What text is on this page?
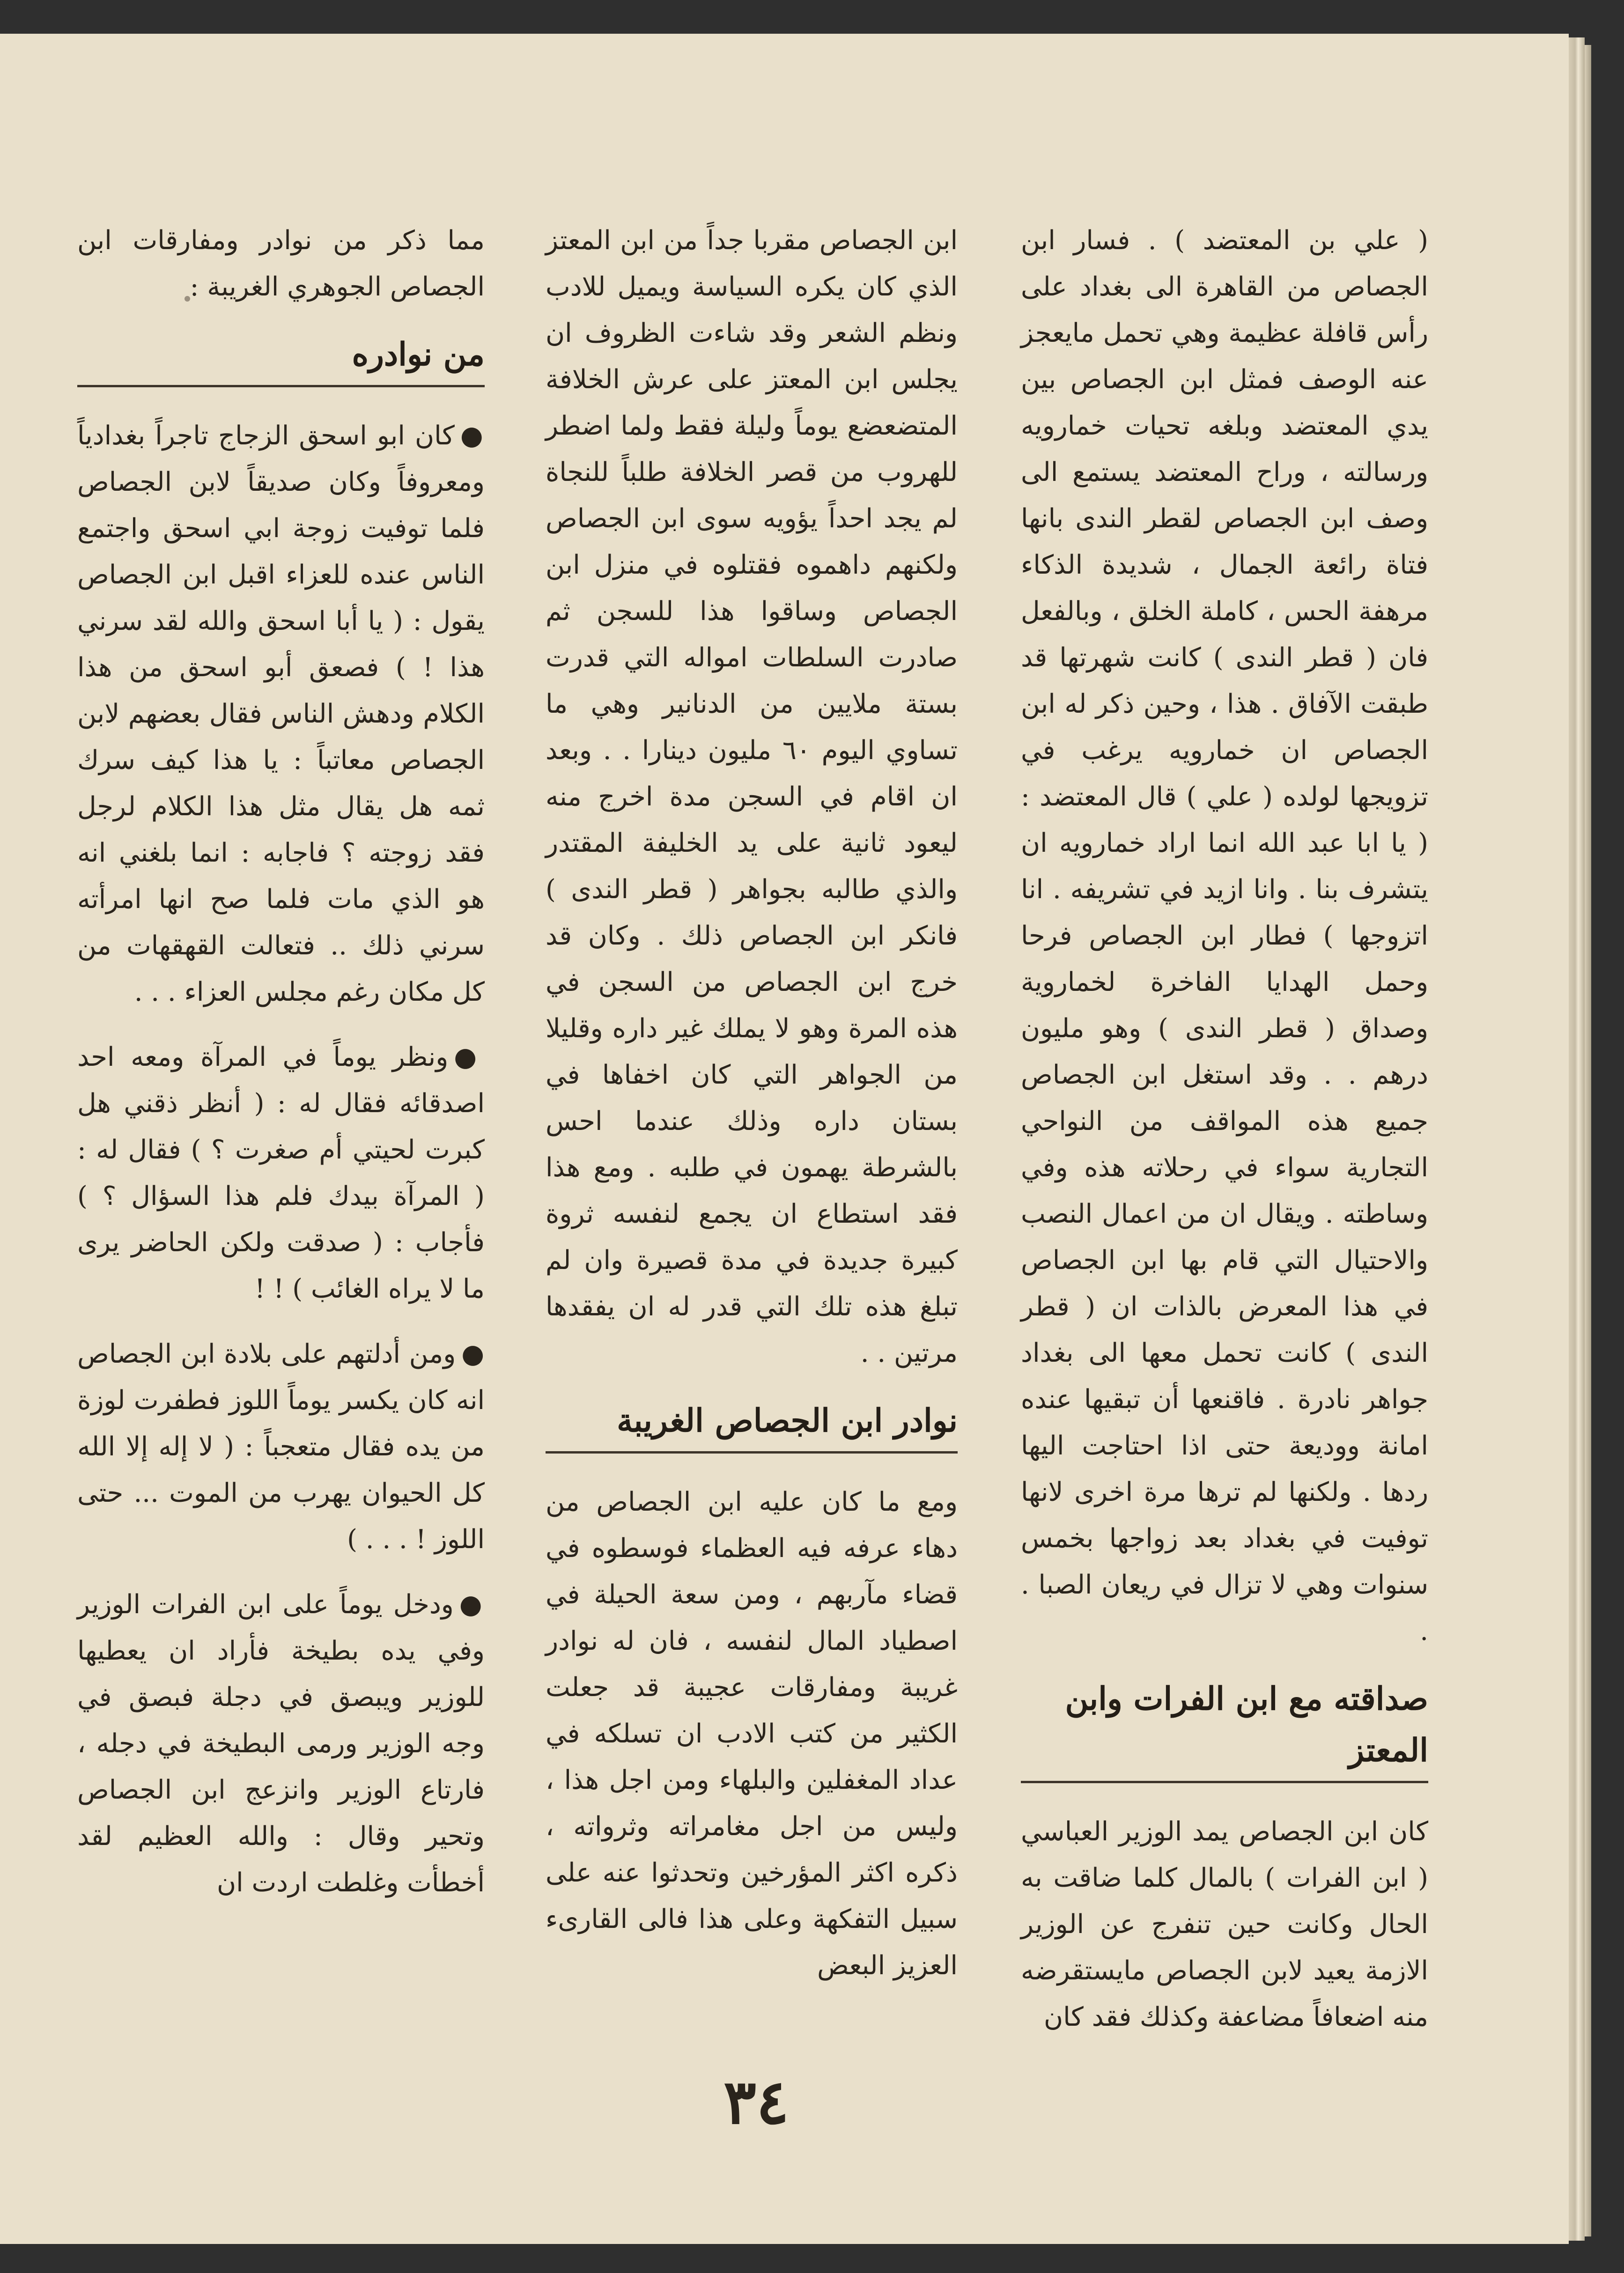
( علي بن المعتضد ) . فسار ابن الجصاص من القاهرة الى بغداد على رأس قافلة عظيمة وهي تحمل مايعجز عنه الوصف فمثل ابن الجصاص بين يدي المعتضد وبلغه تحيات خمارويه ورسالته ، وراح المعتضد يستمع الى وصف ابن الجصاص لقطر الندى بانها فتاة رائعة الجمال ، شديدة الذكاء مرهفة الحس ، كاملة الخلق ، وبالفعل فان ( قطر الندى ) كانت شهرتها قد طبقت الآفاق . هذا ، وحين ذكر له ابن الجصاص ان خمارويه يرغب في تزويجها لولده ( علي ) قال المعتضد : ( يا ابا عبد الله انما اراد خمارويه ان يتشرف بنا . وانا ازيد في تشريفه . انا اتزوجها ) فطار ابن الجصاص فرحا وحمل الهدايا الفاخرة لخماروية وصداق ( قطر الندى ) وهو مليون درهم . . وقد استغل ابن الجصاص جميع هذه المواقف من النواحي التجارية سواء في رحلاته هذه وفي وساطته . ويقال ان من اعمال النصب والاحتيال التي قام بها ابن الجصاص في هذا المعرض بالذات ان ( قطر الندى ) كانت تحمل معها الى بغداد جواهر نادرة . فاقنعها أن تبقيها عنده امانة ووديعة حتى اذا احتاجت اليها ردها . ولكنها لم ترها مرة اخرى لانها توفيت في بغداد بعد زواجها بخمس سنوات وهي لا تزال في ريعان الصبا . .

صداقته مع ابن الفرات وابن المعتز

كان ابن الجصاص يمد الوزير العباسي ( ابن الفرات ) بالمال كلما ضاقت به الحال وكانت حين تنفرج عن الوزير الازمة يعيد لابن الجصاص مايستقرضه منه اضعافاً مضاعفة وكذلك فقد كان

ابن الجصاص مقربا جداً من ابن المعتز الذي كان يكره السياسة ويميل للادب ونظم الشعر وقد شاءت الظروف ان يجلس ابن المعتز على عرش الخلافة المتضعضع يوماً وليلة فقط ولما اضطر للهروب من قصر الخلافة طلباً للنجاة لم يجد احداً يؤويه سوى ابن الجصاص ولكنهم داهموه فقتلوه في منزل ابن الجصاص وساقوا هذا للسجن ثم صادرت السلطات امواله التي قدرت بستة ملايين من الدنانير وهي ما تساوي اليوم ٦٠ مليون دينارا . . وبعد ان اقام في السجن مدة اخرج منه ليعود ثانية على يد الخليفة المقتدر والذي طالبه بجواهر ( قطر الندى ) فانكر ابن الجصاص ذلك . وكان قد خرج ابن الجصاص من السجن في هذه المرة وهو لا يملك غير داره وقليلا من الجواهر التي كان اخفاها في بستان داره وذلك عندما احس بالشرطة يهمون في طلبه . ومع هذا فقد استطاع ان يجمع لنفسه ثروة كبيرة جديدة في مدة قصيرة وان لم تبلغ هذه تلك التي قدر له ان يفقدها مرتين . .

نوادر ابن الجصاص الغريبة

ومع ما كان عليه ابن الجصاص من دهاء عرفه فيه العظماء فوسطوه في قضاء مآربهم ، ومن سعة الحيلة في اصطياد المال لنفسه ، فان له نوادر غريبة ومفارقات عجيبة قد جعلت الكثير من كتب الادب ان تسلكه في عداد المغفلين والبلهاء ومن اجل هذا ، وليس من اجل مغامراته وثرواته ، ذكره اكثر المؤرخين وتحدثوا عنه على سبيل التفكهة وعلى هذا فالى القارىء العزيز البعض

مما ذكر من نوادر ومفارقات ابن الجصاص الجوهري الغريبة :

من نوادره

●كان ابو اسحق الزجاج تاجراً بغدادياً ومعروفاً وكان صديقاً لابن الجصاص فلما توفيت زوجة ابي اسحق واجتمع الناس عنده للعزاء اقبل ابن الجصاص يقول : ( يا أبا اسحق والله لقد سرني هذا ! ) فصعق أبو اسحق من هذا الكلام ودهش الناس فقال بعضهم لابن الجصاص معاتباً : يا هذا كيف سرك ثمه هل يقال مثل هذا الكلام لرجل فقد زوجته ؟ فاجابه : انما بلغني انه هو الذي مات فلما صح انها امرأته سرني ذلك .. فتعالت القهقهات من كل مكان رغم مجلس العزاء . . .

●ونظر يوماً في المرآة ومعه احد اصدقائه فقال له : ( أنظر ذقني هل كبرت لحيتي أم صغرت ؟ ) فقال له : ( المرآة بيدك فلم هذا السؤال ؟ ) فأجاب : ( صدقت ولكن الحاضر يرى ما لا يراه الغائب ) ! !

●ومن أدلتهم على بلادة ابن الجصاص انه كان يكسر يوماً اللوز فطفرت لوزة من يده فقال متعجباً : ( لا إله إلا الله كل الحيوان يهرب من الموت ... حتى اللوز ! . . . )

●ودخل يوماً على ابن الفرات الوزير وفي يده بطيخة فأراد ان يعطيها للوزير ويبصق في دجلة فبصق في وجه الوزير ورمى البطيخة في دجله ، فارتاع الوزير وانزعج ابن الجصاص وتحير وقال : والله العظيم لقد أخطأت وغلطت اردت ان

٣٤
